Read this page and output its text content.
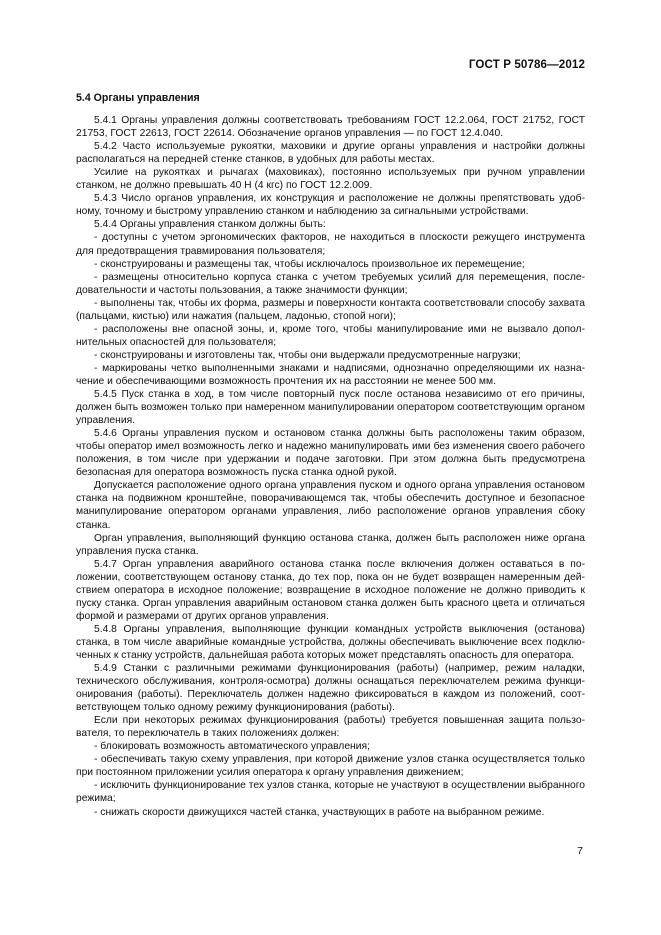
ГОСТ Р 50786—2012
5.4 Органы управления

5.4.1 Органы управления должны соответствовать требованиям ГОСТ 12.2.064, ГОСТ 21752, ГОСТ 21753, ГОСТ 22613, ГОСТ 22614. Обозначение органов управления — по ГОСТ 12.4.040.

5.4.2 Часто используемые рукоятки, маховики и другие органы управления и настройки должны располагаться на передней стенке станков, в удобных для работы местах.

Усилие на рукоятках и рычагах (маховиках), постоянно используемых при ручном управлении станком, не должно превышать 40 Н (4 кгс) по ГОСТ 12.2.009.

5.4.3 Число органов управления, их конструкция и расположение не должны препятствовать удобному, точному и быстрому управлению станком и наблюдению за сигнальными устройствами.

5.4.4 Органы управления станком должны быть:

- доступны с учетом эргономических факторов, не находиться в плоскости режущего инструмента для предотвращения травмирования пользователя;

- сконструированы и размещены так, чтобы исключалось произвольное их перемещение;

- размещены относительно корпуса станка с учетом требуемых усилий для перемещения, последовательности и частоты пользования, а также значимости функции;

- выполнены так, чтобы их форма, размеры и поверхности контакта соответствовали способу захвата (пальцами, кистью) или нажатия (пальцем, ладонью, стопой ноги);

- расположены вне опасной зоны, и, кроме того, чтобы манипулирование ими не вызвало дополнительных опасностей для пользователя;

- сконструированы и изготовлены так, чтобы они выдержали предусмотренные нагрузки;

- маркированы четко выполненными знаками и надписями, однозначно определяющими их назначение и обеспечивающими возможность прочтения их на расстоянии не менее 500 мм.

5.4.5 Пуск станка в ход, в том числе повторный пуск после останова независимо от его причины, должен быть возможен только при намеренном манипулировании оператором соответствующим органом управления.

5.4.6 Органы управления пуском и остановом станка должны быть расположены таким образом, чтобы оператор имел возможность легко и надежно манипулировать ими без изменения своего рабочего положения, в том числе при удержании и подаче заготовки. При этом должна быть предусмотрена безопасная для оператора возможность пуска станка одной рукой.

Допускается расположение одного органа управления пуском и одного органа управления остановом станка на подвижном кронштейне, поворачивающемся так, чтобы обеспечить доступное и безопасное манипулирование оператором органами управления, либо расположение органов управления сбоку станка.

Орган управления, выполняющий функцию останова станка, должен быть расположен ниже органа управления пуска станка.

5.4.7 Орган управления аварийного останова станка после включения должен оставаться в положении, соответствующем останову станка, до тех пор, пока он не будет возвращен намеренным действием оператора в исходное положение; возвращение в исходное положение не должно приводить к пуску станка. Орган управления аварийным остановом станка должен быть красного цвета и отличаться формой и размерами от других органов управления.

5.4.8 Органы управления, выполняющие функции командных устройств выключения (останова) станка, в том числе аварийные командные устройства, должны обеспечивать выключение всех подключенных к станку устройств, дальнейшая работа которых может представлять опасность для оператора.

5.4.9 Станки с различными режимами функционирования (работы) (например, режим наладки, технического обслуживания, контроля-осмотра) должны оснащаться переключателем режима функционирования (работы). Переключатель должен надежно фиксироваться в каждом из положений, соответствующем только одному режиму функционирования (работы).

Если при некоторых режимах функционирования (работы) требуется повышенная защита пользователя, то переключатель в таких положениях должен:

- блокировать возможность автоматического управления;

- обеспечивать такую схему управления, при которой движение узлов станка осуществляется только при постоянном приложении усилия оператора к органу управления движением;

- исключить функционирование тех узлов станка, которые не участвуют в осуществлении выбранного режима;

- снижать скорости движущихся частей станка, участвующих в работе на выбранном режиме.

7
